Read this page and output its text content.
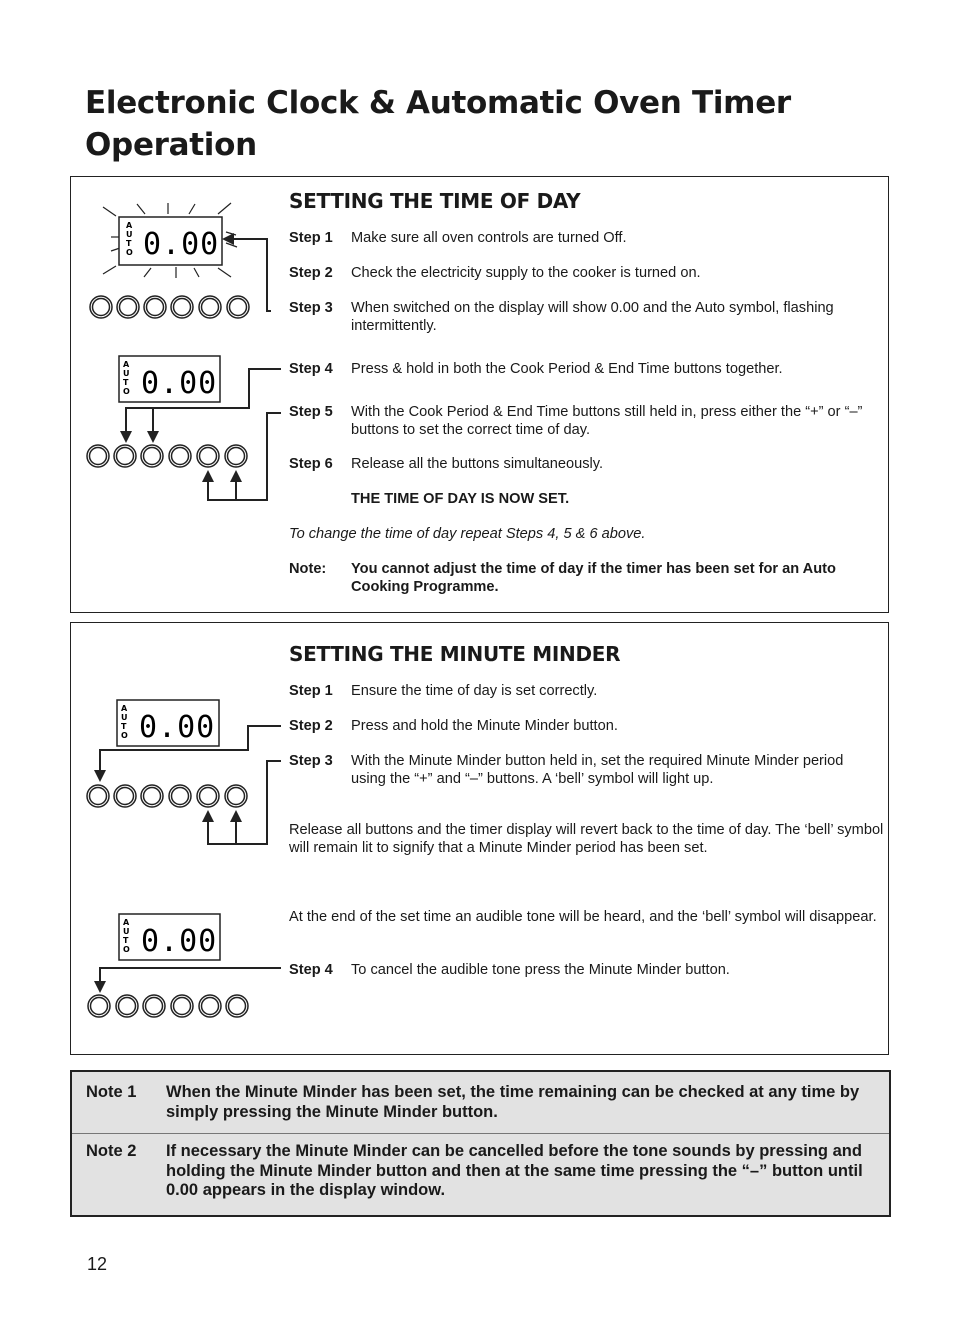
Electronic Clock & Automatic Oven Timer Operation
A
U
T
O 0.00
A
U
T
O 0.00
SETTING THE TIME OF DAY
Step 1 Make sure all oven controls are turned Off.
Step 2 Check the electricity supply to the cooker is turned on.
Step 3 When switched on the display will show 0.00 and the Auto symbol, flashing intermittently.
Step 4 Press & hold in both the Cook Period & End Time buttons together.
Step 5 With the Cook Period & End Time buttons still held in, press either the “+” or “–” buttons to set the correct time of day.
Step 6 Release all the buttons simultaneously.
THE TIME OF DAY IS NOW SET.
To change the time of day repeat Steps 4, 5 & 6 above.
Note: You cannot adjust the time of day if the timer has been set for an Auto Cooking Programme.
A
U
T
O 0.00
A
U
T
O 0.00
SETTING THE MINUTE MINDER
Step 1 Ensure the time of day is set correctly.
Step 2 Press and hold the Minute Minder button.
Step 3 With the Minute Minder button held in, set the required Minute Minder period using the “+” and “–” buttons. A ‘bell’ symbol will light up.
Release all buttons and the timer display will revert back to the time of day. The ‘bell’ symbol will remain lit to signify that a Minute Minder period has been set.
At the end of the set time an audible tone will be heard, and the ‘bell’ symbol will disappear.
Step 4 To cancel the audible tone press the Minute Minder button.
Note 1 When the Minute Minder has been set, the time remaining can be checked at any time by simply pressing the Minute Minder button.
Note 2 If necessary the Minute Minder can be cancelled before the tone sounds by pressing and holding the Minute Minder button and then at the same time pressing the “–” button until 0.00 appears in the display window.
12
